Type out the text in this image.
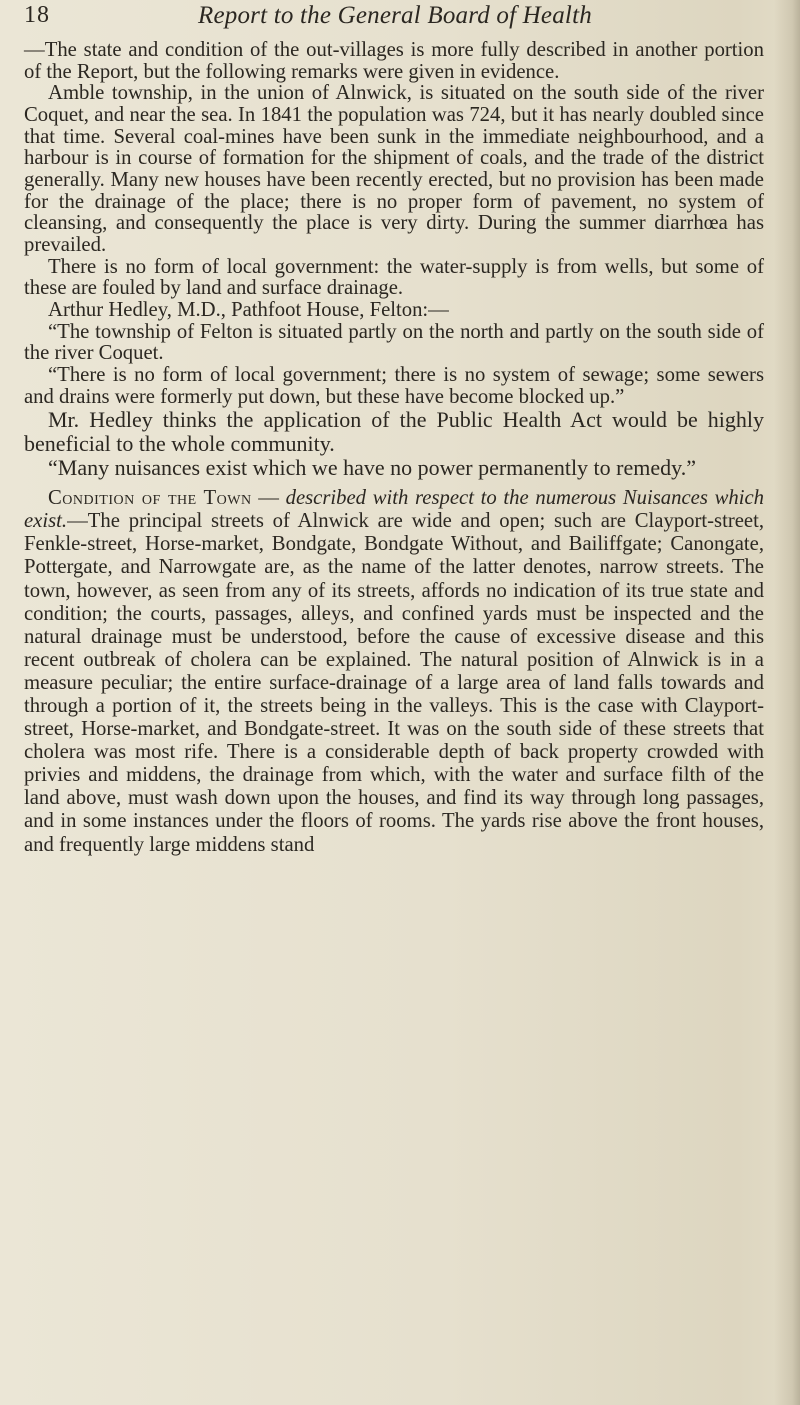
18	Report to the General Board of Health

—The state and condition of the out-villages is more fully described in another portion of the Report, but the following remarks were given in evidence.

Amble township, in the union of Alnwick, is situated on the south side of the river Coquet, and near the sea. In 1841 the population was 724, but it has nearly doubled since that time. Several coal-mines have been sunk in the immediate neighbourhood, and a harbour is in course of formation for the shipment of coals, and the trade of the district generally. Many new houses have been recently erected, but no provision has been made for the drainage of the place; there is no proper form of pavement, no system of cleansing, and consequently the place is very dirty. During the summer diarrhœa has prevailed.

There is no form of local government: the water-supply is from wells, but some of these are fouled by land and surface drainage.

Arthur Hedley, M.D., Pathfoot House, Felton:—

“The township of Felton is situated partly on the north and partly on the south side of the river Coquet.

“There is no form of local government; there is no system of sewage; some sewers and drains were formerly put down, but these have become blocked up.”

Mr. Hedley thinks the application of the Public Health Act would be highly beneficial to the whole community.

“Many nuisances exist which we have no power permanently to remedy.”

Condition of the Town — described with respect to the numerous Nuisances which exist.—The principal streets of Alnwick are wide and open; such are Clayport-street, Fenkle-street, Horse-market, Bondgate, Bondgate Without, and Bailiffgate; Canongate, Pottergate, and Narrowgate are, as the name of the latter denotes, narrow streets. The town, however, as seen from any of its streets, affords no indication of its true state and condition; the courts, passages, alleys, and confined yards must be inspected and the natural drainage must be understood, before the cause of excessive disease and this recent outbreak of cholera can be explained. The natural position of Alnwick is in a measure peculiar; the entire surface-drainage of a large area of land falls towards and through a portion of it, the streets being in the valleys. This is the case with Clayport-street, Horse-market, and Bondgate-street. It was on the south side of these streets that cholera was most rife. There is a considerable depth of back property crowded with privies and middens, the drainage from which, with the water and surface filth of the land above, must wash down upon the houses, and find its way through long passages, and in some instances under the floors of rooms. The yards rise above the front houses, and frequently large middens stand
